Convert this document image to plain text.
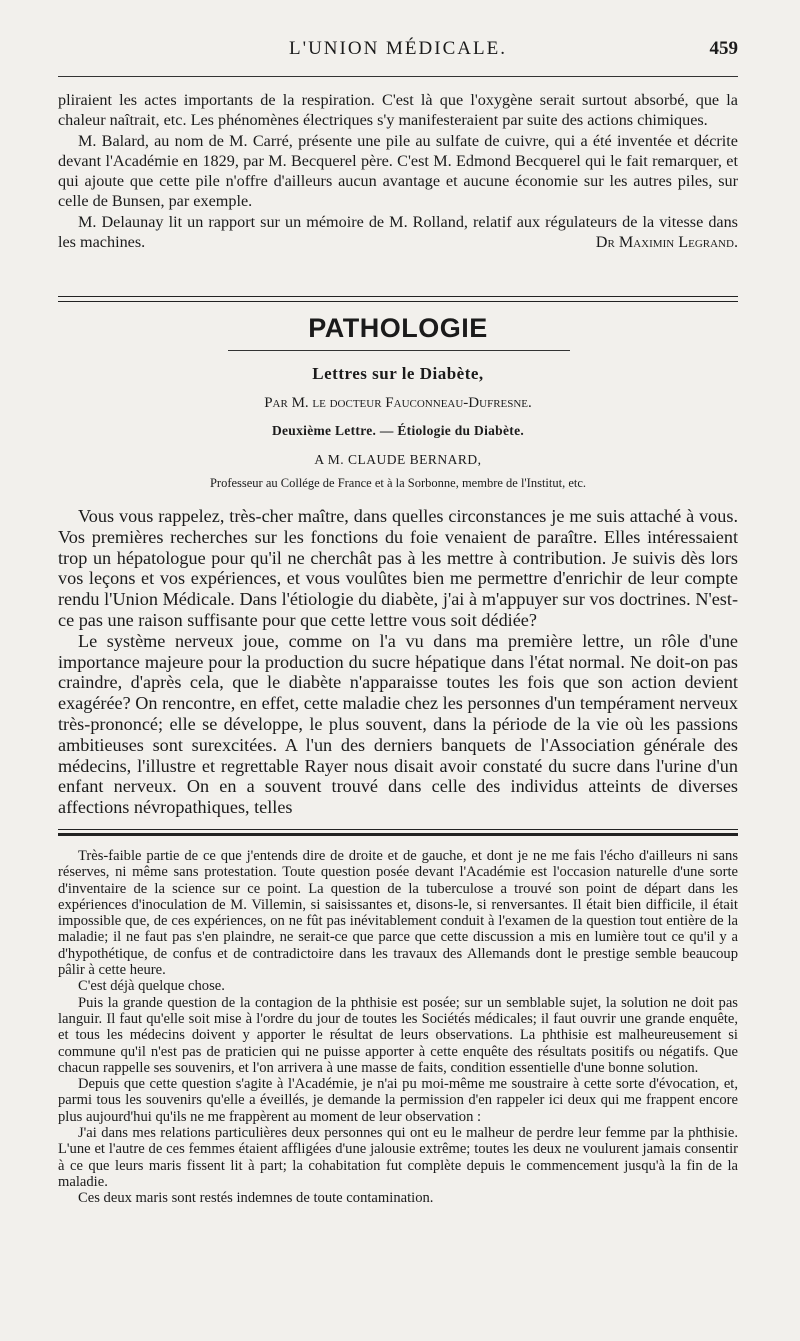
L'UNION MÉDICALE.	459

pliraient les actes importants de la respiration. C'est là que l'oxygène serait surtout absorbé, que la chaleur naîtrait, etc. Les phénomènes électriques s'y manifesteraient par suite des actions chimiques.

M. Balard, au nom de M. Carré, présente une pile au sulfate de cuivre, qui a été inventée et décrite devant l'Académie en 1829, par M. Becquerel père. C'est M. Edmond Becquerel qui le fait remarquer, et qui ajoute que cette pile n'offre d'ailleurs aucun avantage et aucune économie sur les autres piles, sur celle de Bunsen, par exemple.

M. Delaunay lit un rapport sur un mémoire de M. Rolland, relatif aux régulateurs de la vitesse dans les machines.	Dr Maximin Legrand.

PATHOLOGIE
Lettres sur le Diabète,
Par M. le docteur Fauconneau-Dufresne.
Deuxième Lettre. — Étiologie du Diabète.
A M. CLAUDE BERNARD,
Professeur au Collége de France et à la Sorbonne, membre de l'Institut, etc.

Vous vous rappelez, très-cher maître, dans quelles circonstances je me suis attaché à vous. Vos premières recherches sur les fonctions du foie venaient de paraître. Elles intéressaient trop un hépatologue pour qu'il ne cherchât pas à les mettre à contribution. Je suivis dès lors vos leçons et vos expériences, et vous voulûtes bien me permettre d'enrichir de leur compte rendu l'Union Médicale. Dans l'étiologie du diabète, j'ai à m'appuyer sur vos doctrines. N'est-ce pas une raison suffisante pour que cette lettre vous soit dédiée?

Le système nerveux joue, comme on l'a vu dans ma première lettre, un rôle d'une importance majeure pour la production du sucre hépatique dans l'état normal. Ne doit-on pas craindre, d'après cela, que le diabète n'apparaisse toutes les fois que son action devient exagérée? On rencontre, en effet, cette maladie chez les personnes d'un tempérament nerveux très-prononcé; elle se développe, le plus souvent, dans la période de la vie où les passions ambitieuses sont surexcitées. A l'un des derniers banquets de l'Association générale des médecins, l'illustre et regrettable Rayer nous disait avoir constaté du sucre dans l'urine d'un enfant nerveux. On en a souvent trouvé dans celle des individus atteints de diverses affections névropathiques, telles

Très-faible partie de ce que j'entends dire de droite et de gauche, et dont je ne me fais l'écho d'ailleurs ni sans réserves, ni même sans protestation. Toute question posée devant l'Académie est l'occasion naturelle d'une sorte d'inventaire de la science sur ce point. La question de la tuberculose a trouvé son point de départ dans les expériences d'inoculation de M. Villemin, si saisissantes et, disons-le, si renversantes. Il était bien difficile, il était impossible que, de ces expériences, on ne fût pas inévitablement conduit à l'examen de la question tout entière de la maladie; il ne faut pas s'en plaindre, ne serait-ce que parce que cette discussion a mis en lumière tout ce qu'il y a d'hypothétique, de confus et de contradictoire dans les travaux des Allemands dont le prestige semble beaucoup pâlir à cette heure.

C'est déjà quelque chose.

Puis la grande question de la contagion de la phthisie est posée; sur un semblable sujet, la solution ne doit pas languir. Il faut qu'elle soit mise à l'ordre du jour de toutes les Sociétés médicales; il faut ouvrir une grande enquête, et tous les médecins doivent y apporter le résultat de leurs observations. La phthisie est malheureusement si commune qu'il n'est pas de praticien qui ne puisse apporter à cette enquête des résultats positifs ou négatifs. Que chacun rappelle ses souvenirs, et l'on arrivera à une masse de faits, condition essentielle d'une bonne solution.

Depuis que cette question s'agite à l'Académie, je n'ai pu moi-même me soustraire à cette sorte d'évocation, et, parmi tous les souvenirs qu'elle a éveillés, je demande la permission d'en rappeler ici deux qui me frappent encore plus aujourd'hui qu'ils ne me frappèrent au moment de leur observation :

J'ai dans mes relations particulières deux personnes qui ont eu le malheur de perdre leur femme par la phthisie. L'une et l'autre de ces femmes étaient affligées d'une jalousie extrême; toutes les deux ne voulurent jamais consentir à ce que leurs maris fissent lit à part; la cohabitation fut complète depuis le commencement jusqu'à la fin de la maladie.

Ces deux maris sont restés indemnes de toute contamination.
